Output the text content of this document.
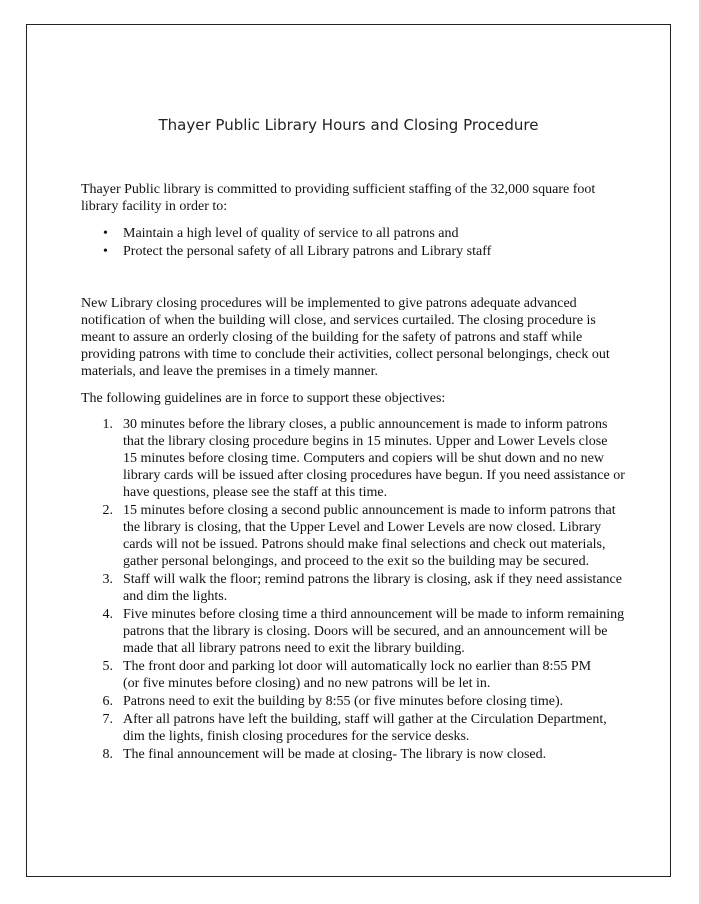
Thayer Public Library Hours and Closing Procedure

Thayer Public library is committed to providing sufficient staffing of the 32,000 square foot
library facility in order to:

• Maintain a high level of quality of service to all patrons and
• Protect the personal safety of all Library patrons and Library staff

New Library closing procedures will be implemented to give patrons adequate advanced
notification of when the building will close, and services curtailed. The closing procedure is
meant to assure an orderly closing of the building for the safety of patrons and staff while
providing patrons with time to conclude their activities, collect personal belongings, check out
materials, and leave the premises in a timely manner.

The following guidelines are in force to support these objectives:

1. 30 minutes before the library closes, a public announcement is made to inform patrons
that the library closing procedure begins in 15 minutes. Upper and Lower Levels close
15 minutes before closing time. Computers and copiers will be shut down and no new
library cards will be issued after closing procedures have begun. If you need assistance or
have questions, please see the staff at this time.
2. 15 minutes before closing a second public announcement is made to inform patrons that
the library is closing, that the Upper Level and Lower Levels are now closed. Library
cards will not be issued. Patrons should make final selections and check out materials,
gather personal belongings, and proceed to the exit so the building may be secured.
3. Staff will walk the floor; remind patrons the library is closing, ask if they need assistance
and dim the lights.
4. Five minutes before closing time a third announcement will be made to inform remaining
patrons that the library is closing. Doors will be secured, and an announcement will be
made that all library patrons need to exit the library building.
5. The front door and parking lot door will automatically lock no earlier than 8:55 PM
(or five minutes before closing) and no new patrons will be let in.
6. Patrons need to exit the building by 8:55 (or five minutes before closing time).
7. After all patrons have left the building, staff will gather at the Circulation Department,
dim the lights, finish closing procedures for the service desks.
8. The final announcement will be made at closing- The library is now closed.
